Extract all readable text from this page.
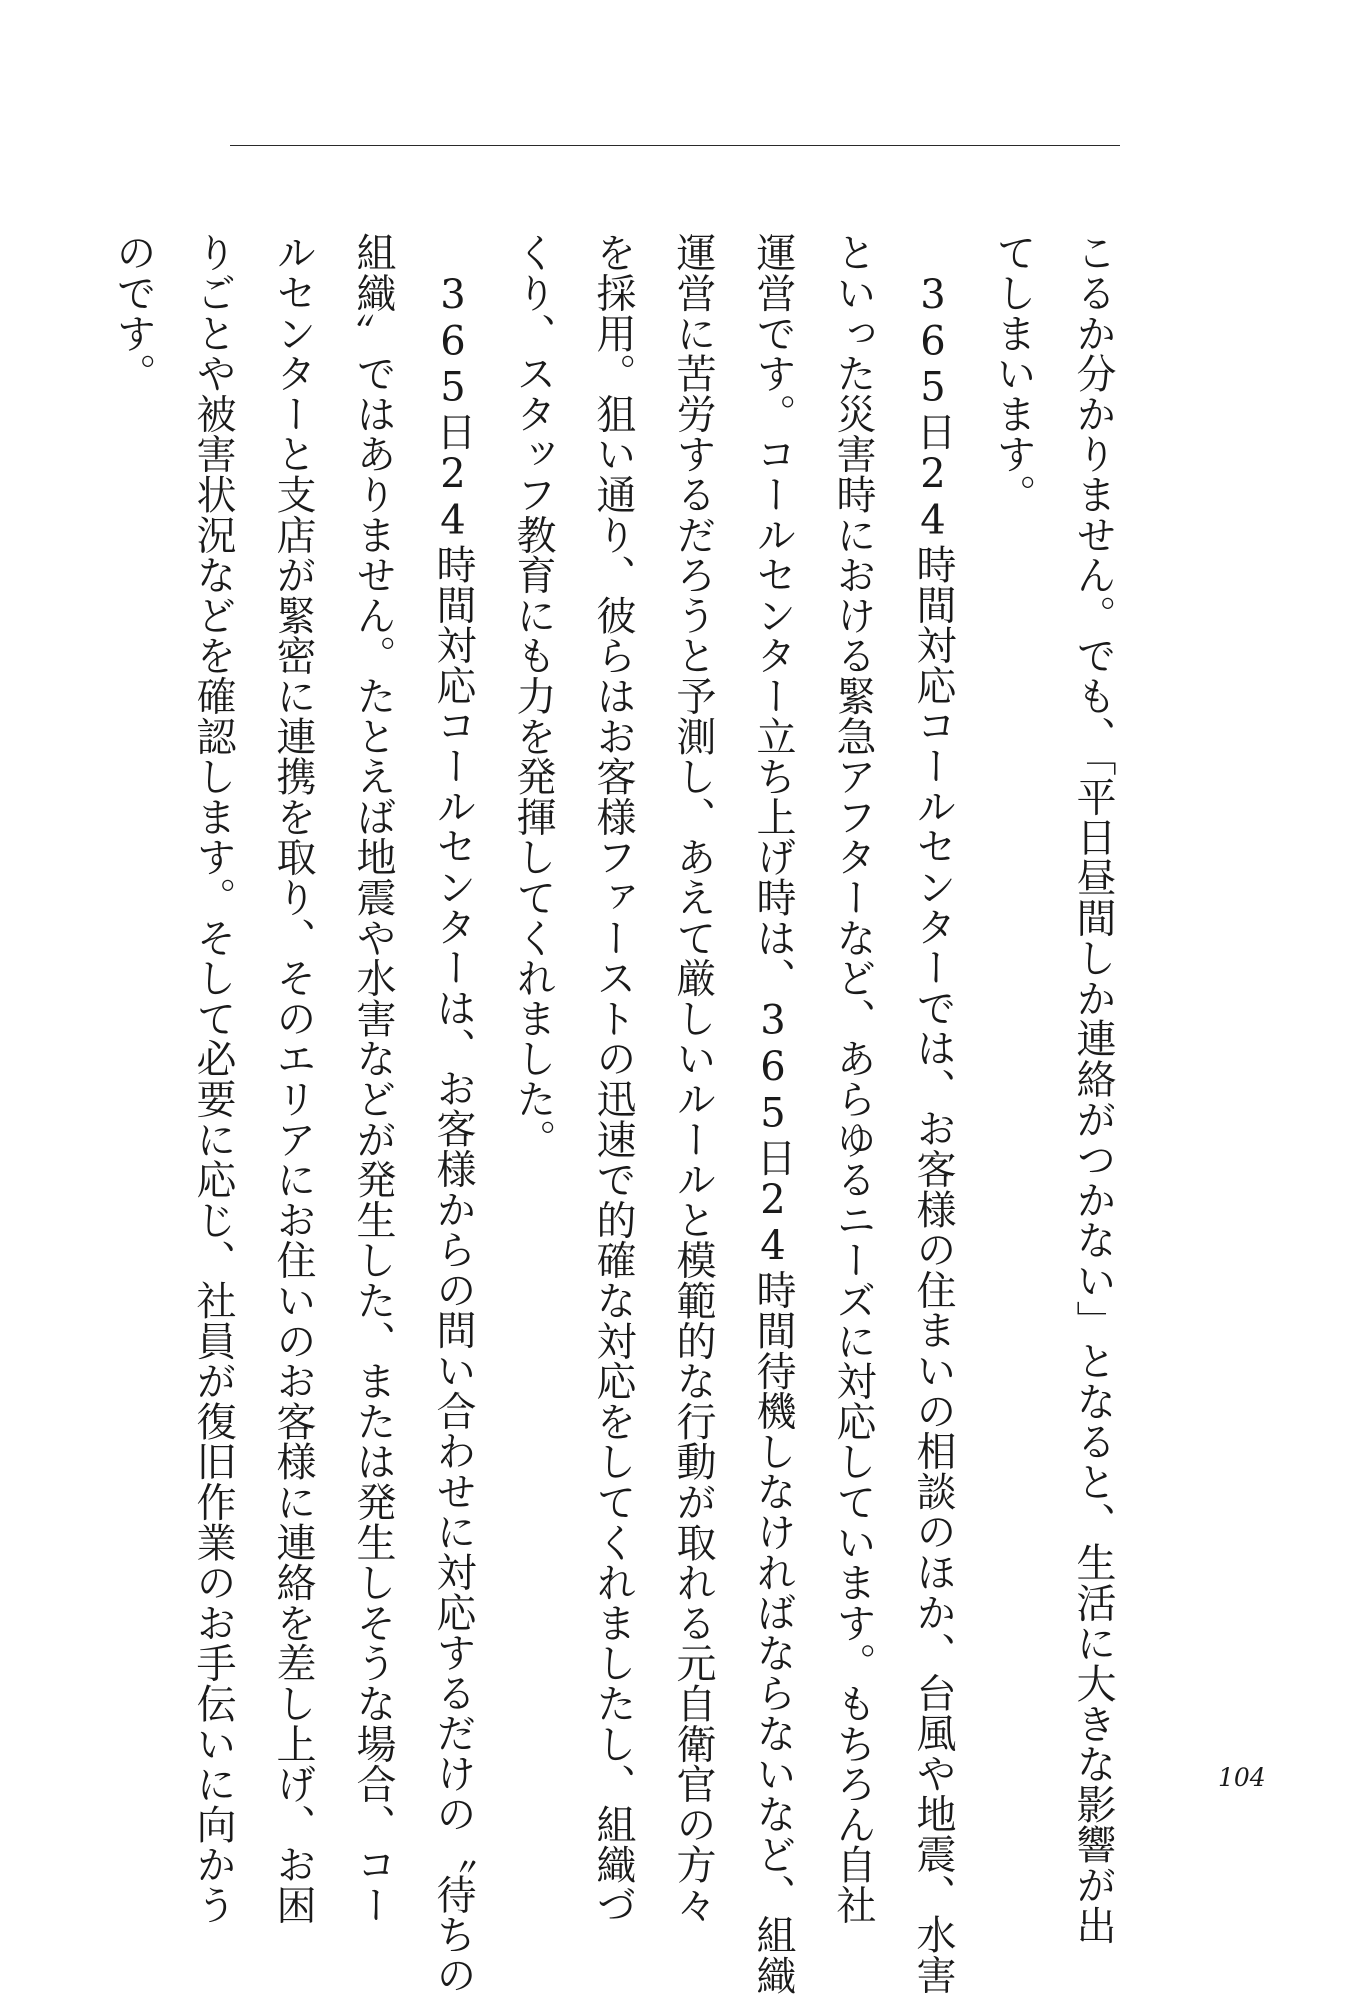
こるか分かりません。でも、「平日昼間しか連絡がつかない」となると、生活に大きな影響が出

てしまいます。

365日24時間対応コールセンターでは、お客様の住まいの相談のほか、台風や地震、水害

といった災害時における緊急アフターなど、あらゆるニーズに対応しています。もちろん自社

運営です。コールセンター立ち上げ時は、365日24時間待機しなければならないなど、組織

運営に苦労するだろうと予測し、あえて厳しいルールと模範的な行動が取れる元自衛官の方々

を採用。狙い通り、彼らはお客様ファーストの迅速で的確な対応をしてくれましたし、組織づ

くり、スタッフ教育にも力を発揮してくれました。

365日24時間対応コールセンターは、お客様からの問い合わせに対応するだけの〝待ちの

組織〟ではありません。たとえば地震や水害などが発生した、または発生しそうな場合、コー

ルセンターと支店が緊密に連携を取り、そのエリアにお住いのお客様に連絡を差し上げ、お困

りごとや被害状況などを確認します。そして必要に応じ、社員が復旧作業のお手伝いに向かう

のです。

104
